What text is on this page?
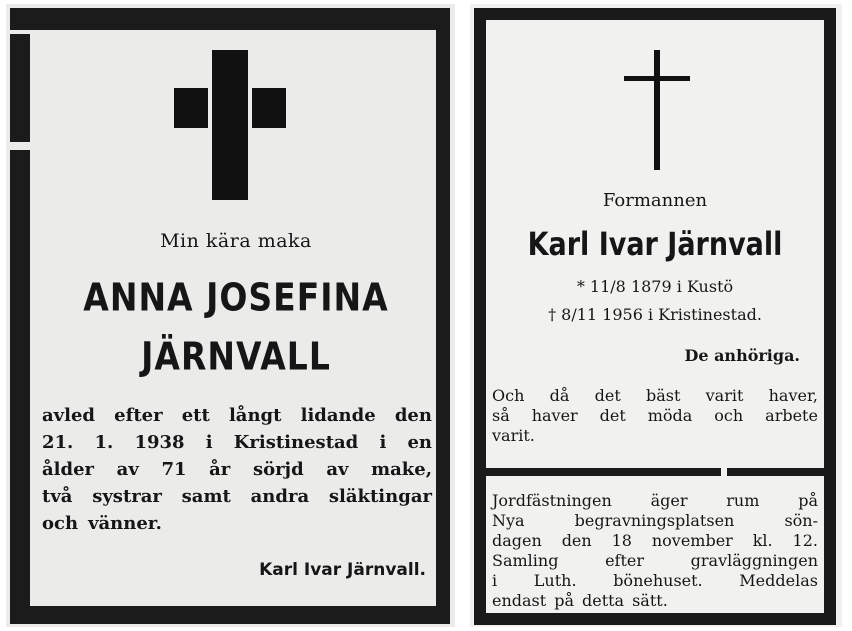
Min kära maka
ANNA JOSEFINA
JÄRNVALL
avled efter ett långt lidande den
21. 1. 1938 i Kristinestad i en
ålder av 71 år sörjd av make,
två systrar samt andra släktingar
och vänner.
Karl Ivar Järnvall.
Formannen
Karl Ivar Järnvall
* 11/8 1879 i Kustö
† 8/11 1956 i Kristinestad.
De anhöriga.
Och då det bäst varit haver,
så haver det möda och arbete
varit.
Jordfästningen äger rum på
Nya	begravningsplatsen	sön-
dagen den 18 november kl. 12.
Samling	efter	gravläggningen
i Luth. bönehuset. Meddelas
endast på detta sätt.
